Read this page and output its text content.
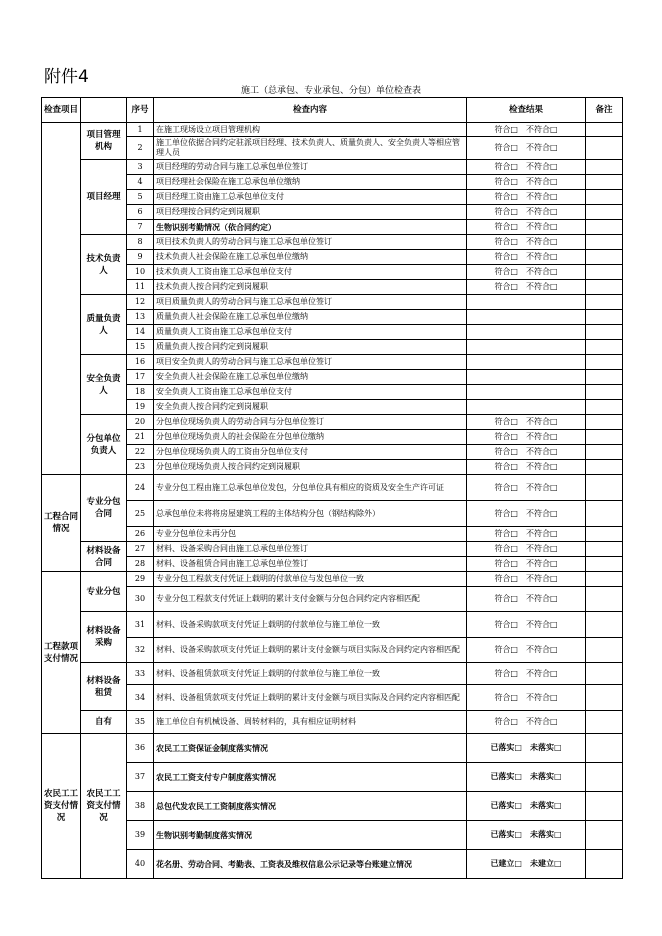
附件4
施工（总承包、专业承包、分包）单位检查表
检查项目		序号	检查内容	检查结果	备注
	项目管理机构	1	在施工现场设立项目管理机构	符合□　不符合□	
		2	施工单位依据合同约定驻派项目经理、技术负责人、质量负责人、安全负责人等相应管理人员	符合□　不符合□	
	项目经理	3	项目经理的劳动合同与施工总承包单位签订	符合□　不符合□	
		4	项目经理社会保险在施工总承包单位缴纳	符合□　不符合□	
		5	项目经理工资由施工总承包单位支付	符合□　不符合□	
		6	项目经理按合同约定到岗履职	符合□　不符合□	
		7	生物识别考勤情况（依合同约定）	符合□　不符合□	
	技术负责人	8	项目技术负责人的劳动合同与施工总承包单位签订	符合□　不符合□	
		9	技术负责人社会保险在施工总承包单位缴纳	符合□　不符合□	
		10	技术负责人工资由施工总承包单位支付	符合□　不符合□	
		11	技术负责人按合同约定到岗履职	符合□　不符合□	
	质量负责人	12	项目质量负责人的劳动合同与施工总承包单位签订		
		13	质量负责人社会保险在施工总承包单位缴纳		
		14	质量负责人工资由施工总承包单位支付		
		15	质量负责人按合同约定到岗履职		
	安全负责人	16	项目安全负责人的劳动合同与施工总承包单位签订		
		17	安全负责人社会保险在施工总承包单位缴纳		
		18	安全负责人工资由施工总承包单位支付		
		19	安全负责人按合同约定到岗履职		
	分包单位负责人	20	分包单位现场负责人的劳动合同与分包单位签订	符合□　不符合□	
		21	分包单位现场负责人的社会保险在分包单位缴纳	符合□　不符合□	
		22	分包单位现场负责人的工资由分包单位支付	符合□　不符合□	
		23	分包单位现场负责人按合同约定到岗履职	符合□　不符合□	
工程合同情况	专业分包合同	24	专业分包工程由施工总承包单位发包，分包单位具有相应的资质及安全生产许可证	符合□　不符合□	
		25	总承包单位未将将房屋建筑工程的主体结构分包（钢结构除外）	符合□　不符合□	
		26	专业分包单位未再分包	符合□　不符合□	
	材料设备合同	27	材料、设备采购合同由施工总承包单位签订	符合□　不符合□	
		28	材料、设备租赁合同由施工总承包单位签订	符合□　不符合□	
工程款项支付情况	专业分包	29	专业分包工程款支付凭证上载明的付款单位与发包单位一致	符合□　不符合□	
		30	专业分包工程款支付凭证上载明的累计支付金额与分包合同约定内容相匹配	符合□　不符合□	
	材料设备采购	31	材料、设备采购款项支付凭证上载明的付款单位与施工单位一致	符合□　不符合□	
		32	材料、设备采购款项支付凭证上载明的累计支付金额与项目实际及合同约定内容相匹配	符合□　不符合□	
	材料设备租赁	33	材料、设备租赁款项支付凭证上载明的付款单位与施工单位一致	符合□　不符合□	
		34	材料、设备租赁款项支付凭证上载明的累计支付金额与项目实际及合同约定内容相匹配	符合□　不符合□	
	自有	35	施工单位自有机械设备、周转材料的，具有相应证明材料	符合□　不符合□	
农民工工资支付情况	农民工工资支付情况	36	农民工工资保证金制度落实情况	已落实□　未落实□	
		37	农民工工资支付专户制度落实情况	已落实□　未落实□	
		38	总包代发农民工工资制度落实情况	已落实□　未落实□	
		39	生物识别考勤制度落实情况	已落实□　未落实□	
		40	花名册、劳动合同、考勤表、工资表及维权信息公示记录等台账建立情况	已建立□　未建立□	
